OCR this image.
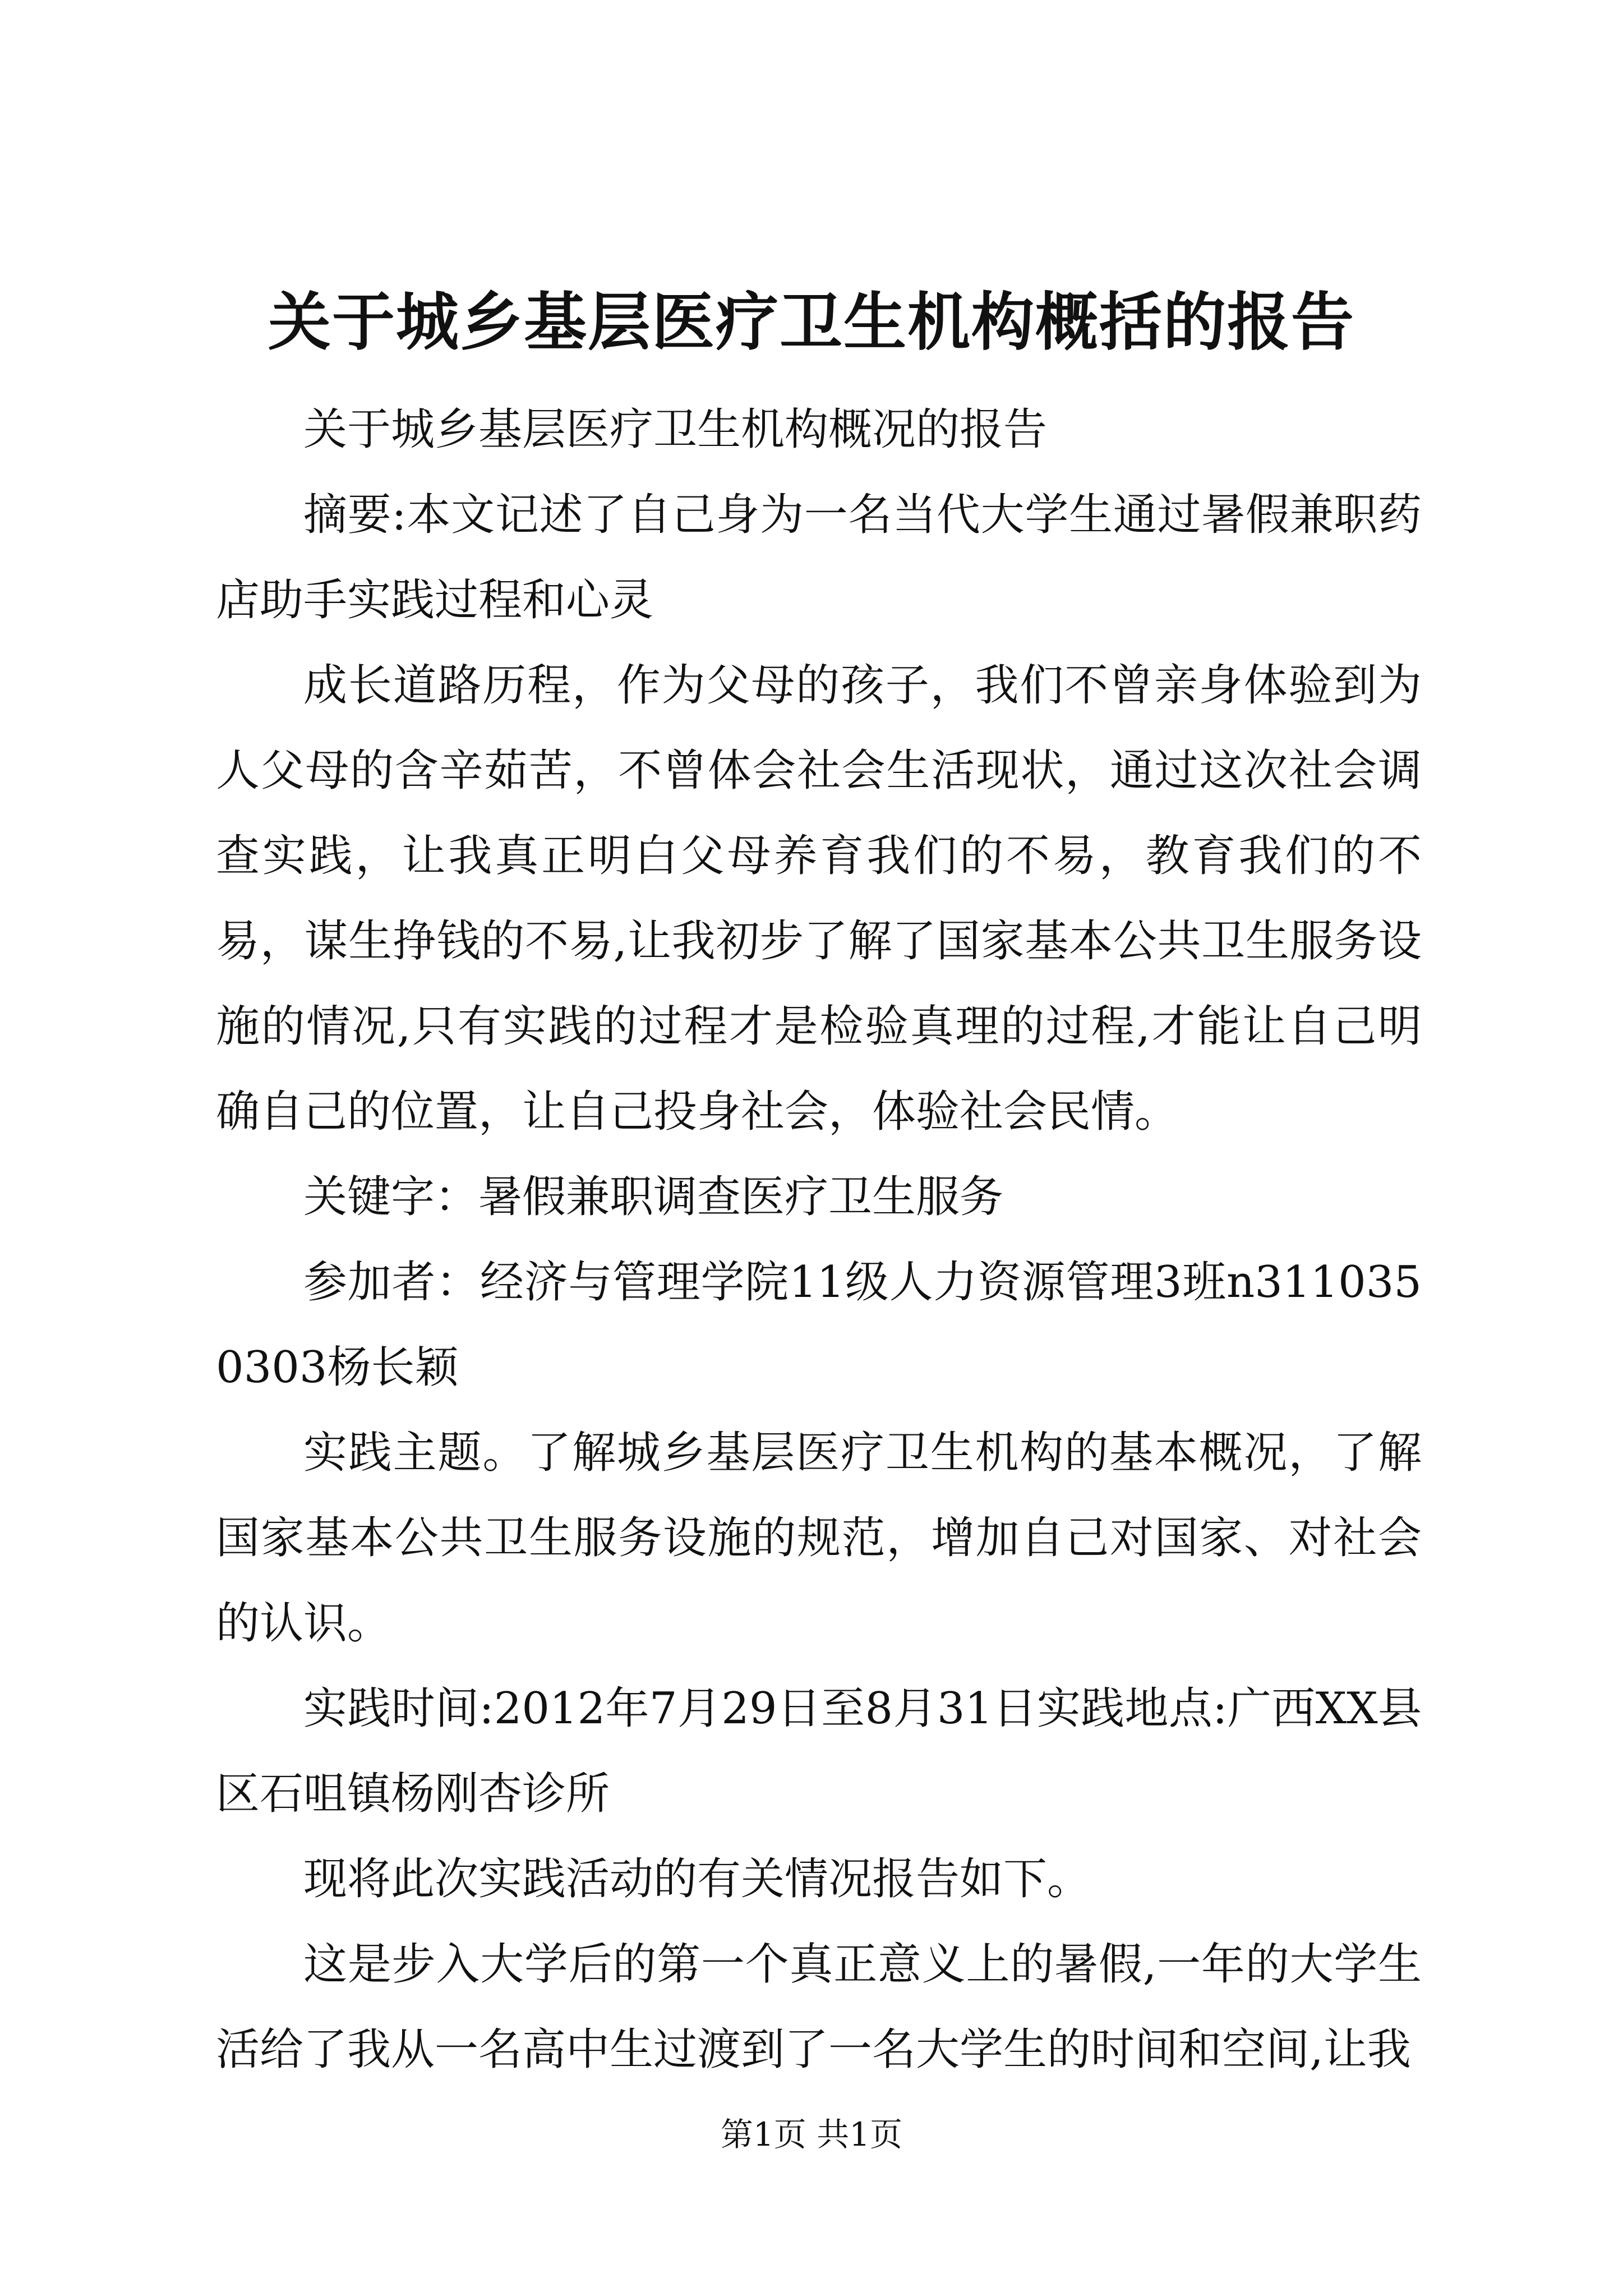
关于城乡基层医疗卫生机构概括的报告

关于城乡基层医疗卫生机构概况的报告

摘要:本文记述了自己身为一名当代大学生通过暑假兼职药店助手实践过程和心灵

成长道路历程，作为父母的孩子，我们不曾亲身体验到为人父母的含辛茹苦，不曾体会社会生活现状，通过这次社会调查实践，让我真正明白父母养育我们的不易，教育我们的不易，谋生挣钱的不易,让我初步了解了国家基本公共卫生服务设施的情况,只有实践的过程才是检验真理的过程,才能让自己明确自己的位置，让自己投身社会，体验社会民情。

关键字：暑假兼职调查医疗卫生服务

参加者：经济与管理学院11级人力资源管理3班n3110350303杨长颖

实践主题。了解城乡基层医疗卫生机构的基本概况，了解国家基本公共卫生服务设施的规范，增加自己对国家、对社会的认识。

实践时间:2012年7月29日至8月31日实践地点:广西XX县区石咀镇杨刚杏诊所

现将此次实践活动的有关情况报告如下。

这是步入大学后的第一个真正意义上的暑假,一年的大学生活给了我从一名高中生过渡到了一名大学生的时间和空间,让我

第1页 共1页
